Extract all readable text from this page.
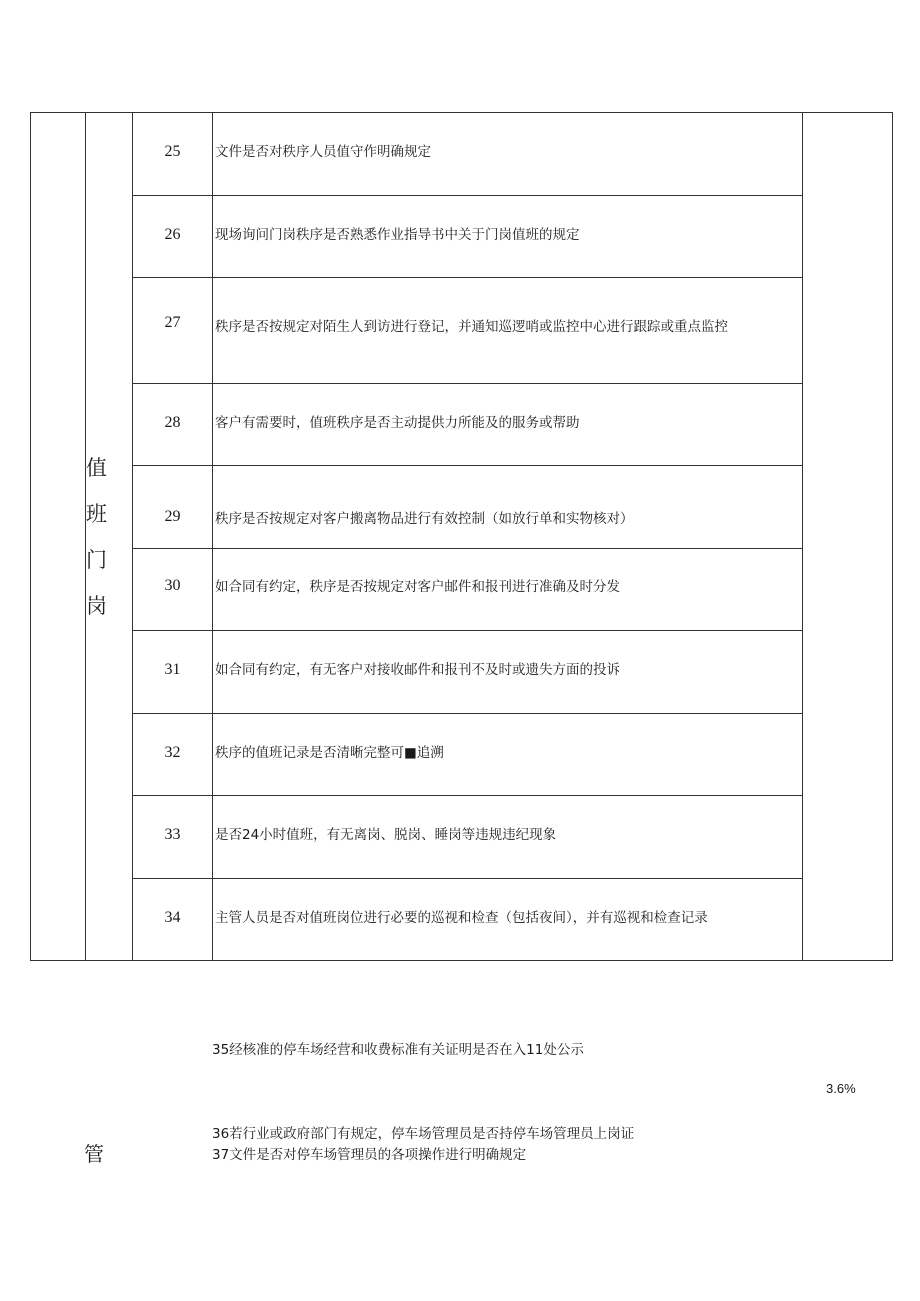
	值
班
门
岗	25	文件是否对秩序人员值守作明确规定	
		26	现场询问门岗秩序是否熟悉作业指导书中关于门岗值班的规定	
		27	秩序是否按规定对陌生人到访进行登记，并通知巡逻哨或监控中心进行跟踪或重点监控	
		28	客户有需要时，值班秩序是否主动提供力所能及的服务或帮助	
		29	秩序是否按规定对客户搬离物品进行有效控制（如放行单和实物核对）	
		30	如合同有约定，秩序是否按规定对客户邮件和报刊进行准确及时分发	
		31	如合同有约定，有无客户对接收邮件和报刊不及时或遗失方面的投诉	
		32	秩序的值班记录是否清晰完整可■追溯	
		33	是否24小时值班，有无离岗、脱岗、睡岗等违规违纪现象	
		34	主管人员是否对值班岗位进行必要的巡视和检查（包括夜间），并有巡视和检查记录	
35经核准的停车场经营和收费标准有关证明是否在入11处公示
3.6%
36若行业或政府部门有规定，停车场管理员是否持停车场管理员上岗证
管	37文件是否对停车场管理员的各项操作进行明确规定
